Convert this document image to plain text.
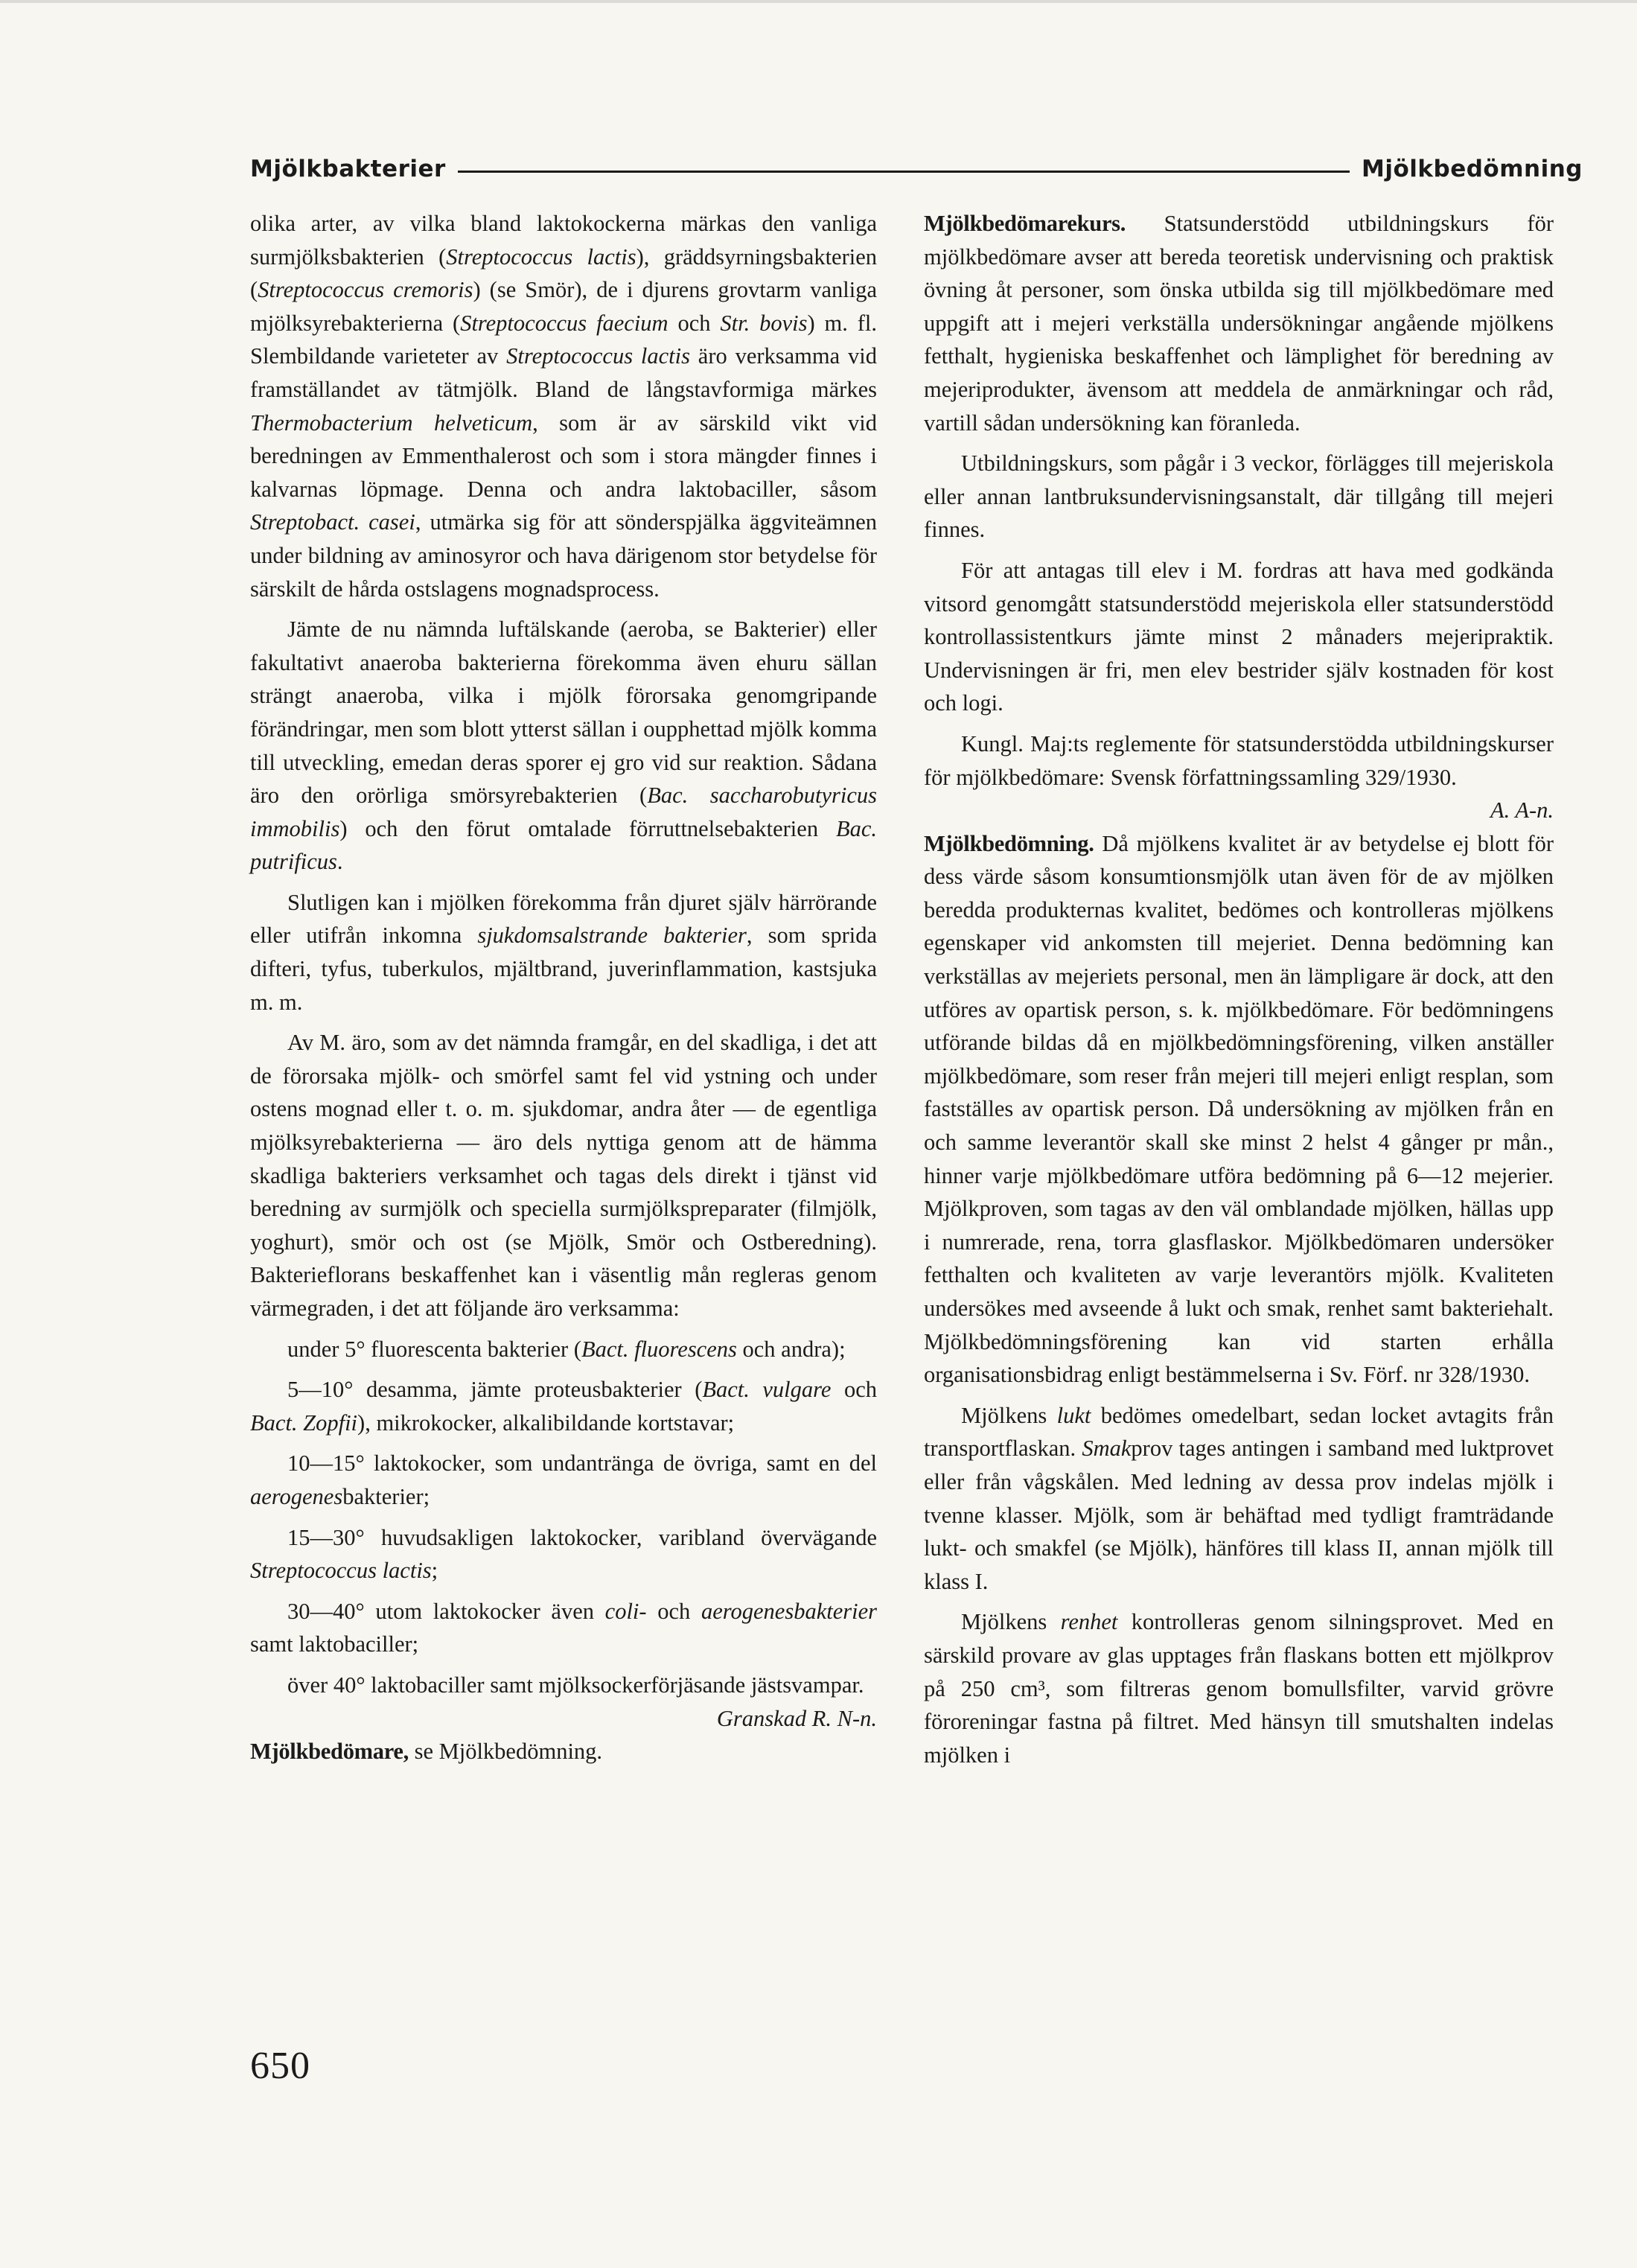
Mjölkbakterier	Mjölkbedömning

olika arter, av vilka bland laktokockerna märkas den vanliga surmjölksbakterien (Streptococcus lactis), gräddsyrningsbakterien (Streptococcus cremoris) (se Smör), de i djurens grovtarm vanliga mjölksyrebakterierna (Streptococcus faecium och Str. bovis) m. fl. Slembildande varieteter av Streptococcus lactis äro verksamma vid framställandet av tätmjölk. Bland de långstavformiga märkes Thermobacterium helveticum, som är av särskild vikt vid beredningen av Emmenthalerost och som i stora mängder finnes i kalvarnas löpmage. Denna och andra laktobaciller, såsom Streptobact. casei, utmärka sig för att sönderspjälka äggviteämnen under bildning av aminosyror och hava därigenom stor betydelse för särskilt de hårda ostslagens mognadsprocess.

Jämte de nu nämnda luftälskande (aeroba, se Bakterier) eller fakultativt anaeroba bakterierna förekomma även ehuru sällan strängt anaeroba, vilka i mjölk förorsaka genomgripande förändringar, men som blott ytterst sällan i oupphettad mjölk komma till utveckling, emedan deras sporer ej gro vid sur reaktion. Sådana äro den orörliga smörsyrebakterien (Bac. saccharobutyricus immobilis) och den förut omtalade förruttnelsebakterien Bac. putrificus.

Slutligen kan i mjölken förekomma från djuret själv härrörande eller utifrån inkomna sjukdomsalstrande bakterier, som sprida difteri, tyfus, tuberkulos, mjältbrand, juverinflammation, kastsjuka m. m.

Av M. äro, som av det nämnda framgår, en del skadliga, i det att de förorsaka mjölk- och smörfel samt fel vid ystning och under ostens mognad eller t. o. m. sjukdomar, andra åter — de egentliga mjölksyrebakterierna — äro dels nyttiga genom att de hämma skadliga bakteriers verksamhet och tagas dels direkt i tjänst vid beredning av surmjölk och speciella surmjölkspreparater (filmjölk, yoghurt), smör och ost (se Mjölk, Smör och Ostberedning). Bakterieflorans beskaffenhet kan i väsentlig mån regleras genom värmegraden, i det att följande äro verksamma:

under 5° fluorescenta bakterier (Bact. fluorescens och andra);

5—10° desamma, jämte proteusbakterier (Bact. vulgare och Bact. Zopfii), mikrokocker, alkalibildande kortstavar;

10—15° laktokocker, som undantränga de övriga, samt en del aerogenesbakterier;

15—30° huvudsakligen laktokocker, varibland övervägande Streptococcus lactis;

30—40° utom laktokocker även coli- och aerogenesbakterier samt laktobaciller;

över 40° laktobaciller samt mjölksockerförjäsande jästsvampar.
Granskad R. N-n.

Mjölkbedömare, se Mjölkbedömning.

Mjölkbedömarekurs. Statsunderstödd utbildningskurs för mjölkbedömare avser att bereda teoretisk undervisning och praktisk övning åt personer, som önska utbilda sig till mjölkbedömare med uppgift att i mejeri verkställa undersökningar angående mjölkens fetthalt, hygieniska beskaffenhet och lämplighet för beredning av mejeriprodukter, ävensom att meddela de anmärkningar och råd, vartill sådan undersökning kan föranleda.

Utbildningskurs, som pågår i 3 veckor, förlägges till mejeriskola eller annan lantbruksundervisningsanstalt, där tillgång till mejeri finnes.

För att antagas till elev i M. fordras att hava med godkända vitsord genomgått statsunderstödd mejeriskola eller statsunderstödd kontrollassistentkurs jämte minst 2 månaders mejeripraktik. Undervisningen är fri, men elev bestrider själv kostnaden för kost och logi.

Kungl. Maj:ts reglemente för statsunderstödda utbildningskurser för mjölkbedömare: Svensk författningssamling 329/1930.
A. A-n.

Mjölkbedömning. Då mjölkens kvalitet är av betydelse ej blott för dess värde såsom konsumtionsmjölk utan även för de av mjölken beredda produkternas kvalitet, bedömes och kontrolleras mjölkens egenskaper vid ankomsten till mejeriet. Denna bedömning kan verkställas av mejeriets personal, men än lämpligare är dock, att den utföres av opartisk person, s. k. mjölkbedömare. För bedömningens utförande bildas då en mjölkbedömningsförening, vilken anställer mjölkbedömare, som reser från mejeri till mejeri enligt resplan, som fastställes av opartisk person. Då undersökning av mjölken från en och samme leverantör skall ske minst 2 helst 4 gånger pr mån., hinner varje mjölkbedömare utföra bedömning på 6—12 mejerier. Mjölkproven, som tagas av den väl omblandade mjölken, hällas upp i numrerade, rena, torra glasflaskor. Mjölkbedömaren undersöker fetthalten och kvaliteten av varje leverantörs mjölk. Kvaliteten undersökes med avseende å lukt och smak, renhet samt bakteriehalt. Mjölkbedömningsförening kan vid starten erhålla organisationsbidrag enligt bestämmelserna i Sv. Förf. nr 328/1930.

Mjölkens lukt bedömes omedelbart, sedan locket avtagits från transportflaskan. Smakprov tages antingen i samband med luktprovet eller från vågskålen. Med ledning av dessa prov indelas mjölk i tvenne klasser. Mjölk, som är behäftad med tydligt framträdande lukt- och smakfel (se Mjölk), hänföres till klass II, annan mjölk till klass I.

Mjölkens renhet kontrolleras genom silningsprovet. Med en särskild provare av glas upptages från flaskans botten ett mjölkprov på 250 cm³, som filtreras genom bomullsfilter, varvid grövre föroreningar fastna på filtret. Med hänsyn till smutshalten indelas mjölken i

650
